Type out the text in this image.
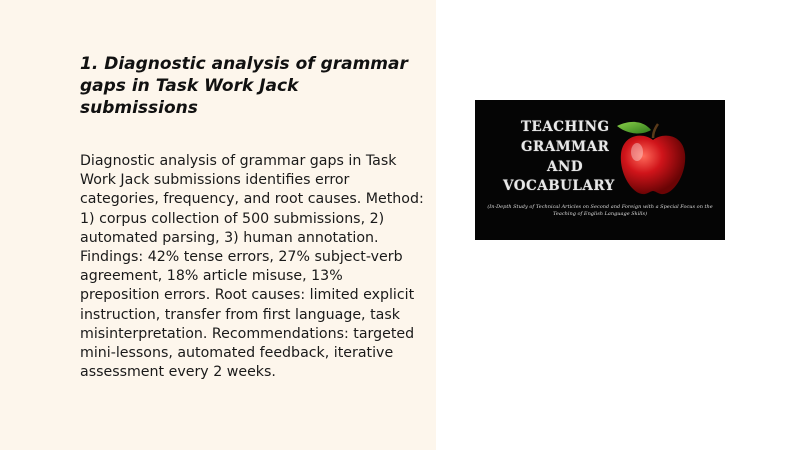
1. Diagnostic analysis of grammar gaps in Task Work Jack submissions

Diagnostic analysis of grammar gaps in Task Work Jack submissions identifies error categories, frequency, and root causes. Method: 1) corpus collection of 500 submissions, 2) automated parsing, 3) human annotation. Findings: 42% tense errors, 27% subject-verb agreement, 18% article misuse, 13% preposition errors. Root causes: limited explicit instruction, transfer from first language, task misinterpretation. Recommendations: targeted mini-lessons, automated feedback, iterative assessment every 2 weeks.

TEACHING
GRAMMAR
AND
VOCABULARY
(In-Depth Study of Technical Articles on Second and Foreign with a Special Focus on the Teaching of English Language Skills)
